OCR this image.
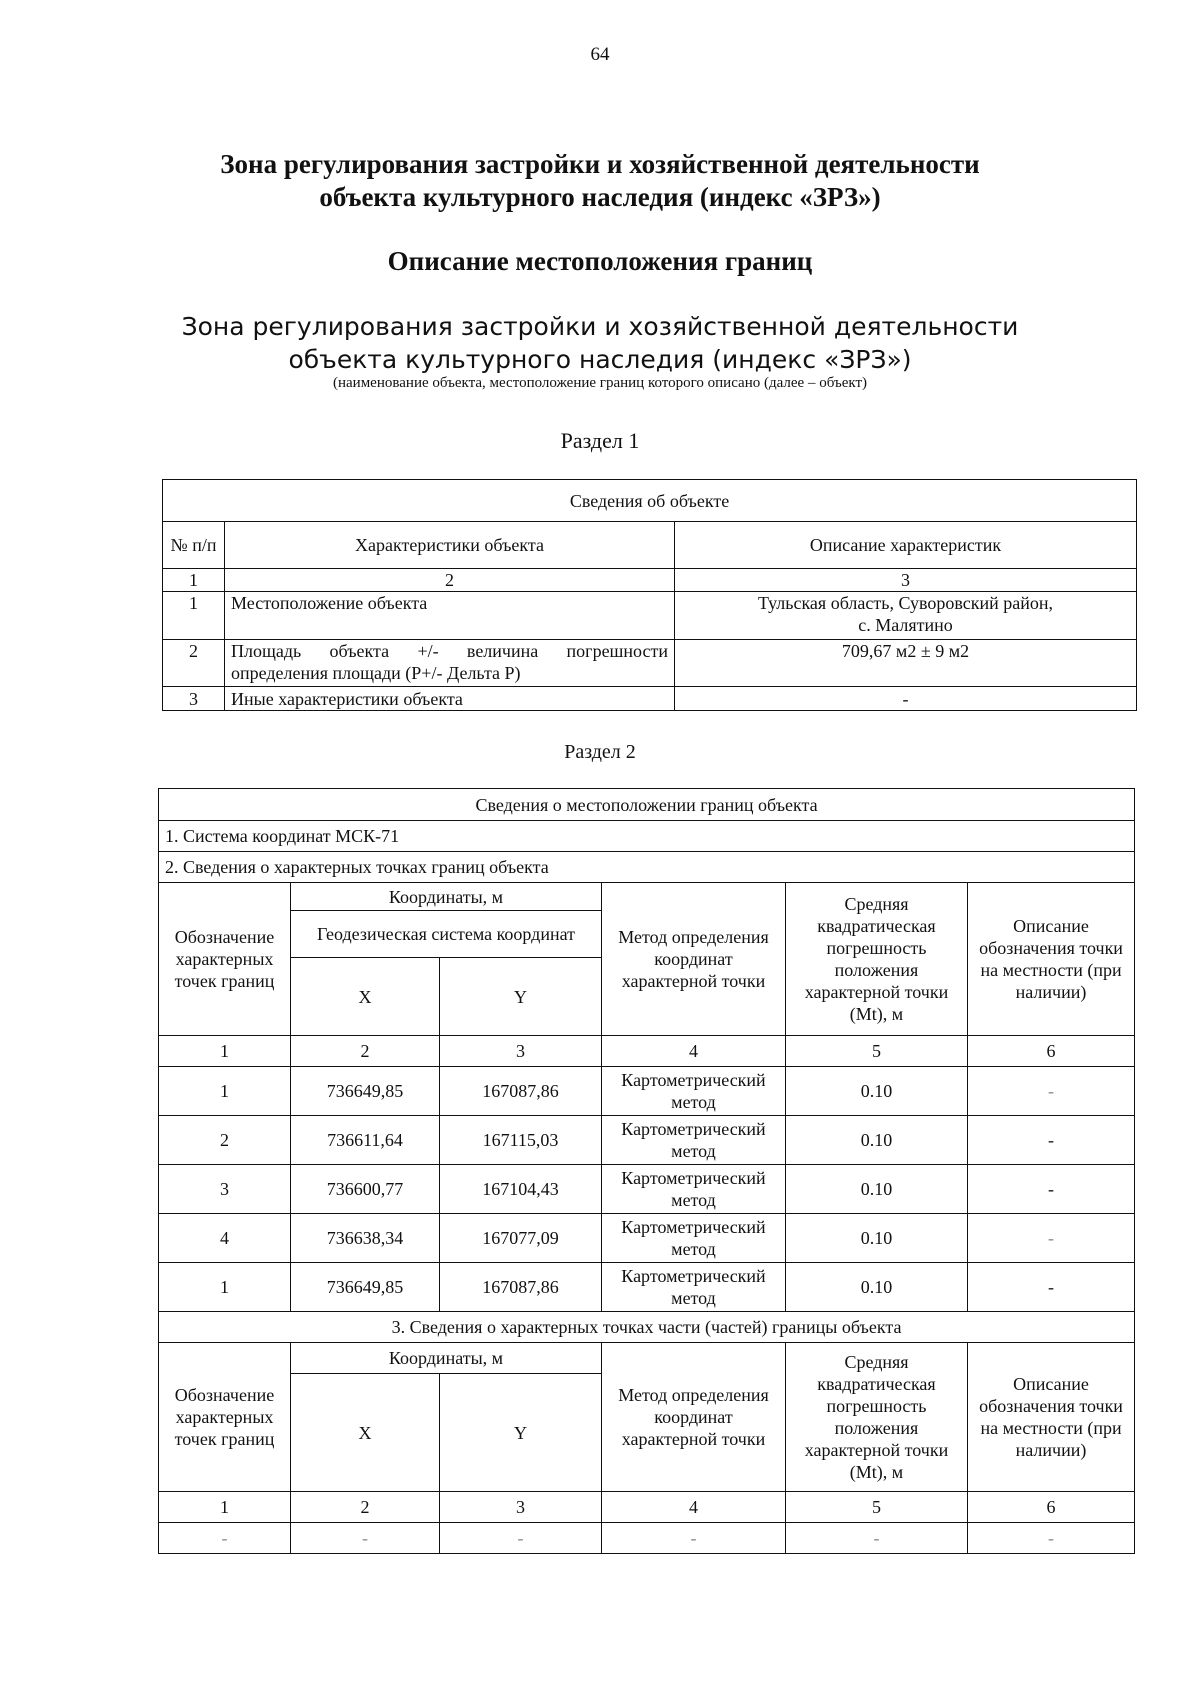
64
Зона регулирования застройки и хозяйственной деятельности
объекта культурного наследия (индекс «ЗРЗ»)
Описание местоположения границ
Зона регулирования застройки и хозяйственной деятельности
объекта культурного наследия (индекс «ЗРЗ»)
(наименование объекта, местоположение границ которого описано (далее – объект)
Раздел 1
Сведения об объекте		
№ п/п	Характеристики объекта	Описание характеристик
1	2	3
1	Местоположение объекта	Тульская область, Суворовский район,
с. Малятино

2	Площадь объекта +/- величина погрешности определения площади (P+/- Дельта P)	709,67 м2 ± 9 м2
3	Иные характеристики объекта	-
Раздел 2
Сведения о местоположении границ объекта					
1. Система координат МСК-71					
2. Сведения о характерных точках границ объекта					
Обозначение характерных точек границ	Координаты, м		Метод определения координат характерной точки	Средняя квадратическая погрешность положения характерной точки (Mt), м	Описание обозначения точки на местности (при наличии)
	Геодезическая система координат				
	X	Y			
1	2	3	4	5	6
1	736649,85	167087,86	Картометрический метод	0.10	-
2	736611,64	167115,03	Картометрический метод	0.10	-
3	736600,77	167104,43	Картометрический метод	0.10	-
4	736638,34	167077,09	Картометрический метод	0.10	-
1	736649,85	167087,86	Картометрический метод	0.10	-
3. Сведения о характерных точках части (частей) границы объекта					
Обозначение характерных точек границ	Координаты, м		Метод определения координат характерной точки	Средняя квадратическая погрешность положения характерной точки (Mt), м	Описание обозначения точки на местности (при наличии)
	X	Y			
1	2	3	4	5	6
-	-	-	-	-	-
